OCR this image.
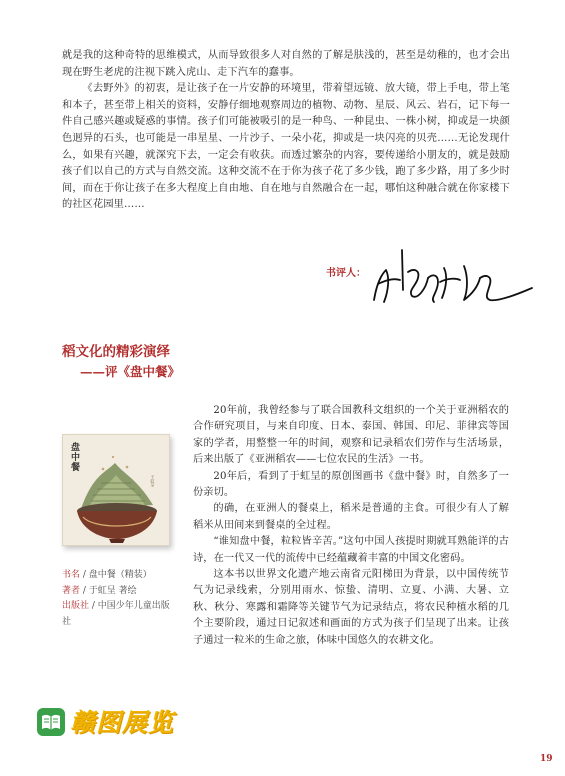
就是我的这种奇特的思维模式，从而导致很多人对自然的了解是肤浅的，甚至是幼稚的，也才会出现在野生老虎的注视下跳入虎山、走下汽车的蠢事。

《去野外》的初衷，是让孩子在一片安静的环境里，带着望远镜、放大镜，带上手电，带上笔和本子，甚至带上相关的资料，安静仔细地观察周边的植物、动物、星辰、风云、岩石，记下每一件自己感兴趣或疑惑的事情。孩子们可能被吸引的是一种鸟、一种昆虫、一株小树，抑或是一块颜色迥异的石头，也可能是一串星星、一片沙子、一朵小花，抑或是一块闪亮的贝壳……无论发现什么，如果有兴趣，就深究下去，一定会有收获。而透过繁杂的内容，要传递给小朋友的，就是鼓励孩子们以自己的方式与自然交流。这种交流不在于你为孩子花了多少钱，跑了多少路，用了多少时间，而在于你让孩子在多大程度上自由地、自在地与自然融合在一起，哪怕这种融合就在你家楼下的社区花园里……

书评人：
稻文化的精彩演绎
——评《盘中餐》
于虹呈
盘中餐
书名 / 盘中餐（精装）
著者 / 于虹呈 著绘
出版社 / 中国少年儿童出版社

20年前，我曾经参与了联合国教科文组织的一个关于亚洲稻农的合作研究项目，与来自印度、日本、泰国、韩国、印尼、菲律宾等国家的学者，用整整一年的时间，观察和记录稻农们劳作与生活场景，后来出版了《亚洲稻农——七位农民的生活》一书。

20年后，看到了于虹呈的原创图画书《盘中餐》时，自然多了一份亲切。

的确，在亚洲人的餐桌上，稻米是普通的主食。可很少有人了解稻米从田间来到餐桌的全过程。

“谁知盘中餐，粒粒皆辛苦。”这句中国人孩提时期就耳熟能详的古诗，在一代又一代的流传中已经蕴藏着丰富的中国文化密码。

这本书以世界文化遗产地云南省元阳梯田为背景，以中国传统节气为记录线索，分别用雨水、惊蛰、清明、立夏、小满、大暑、立秋、秋分、寒露和霜降等关键节气为记录结点，将农民种植水稻的几个主要阶段，通过日记叙述和画面的方式为孩子们呈现了出来。让孩子通过一粒米的生命之旅，体味中国悠久的农耕文化。

赣图展览
19
